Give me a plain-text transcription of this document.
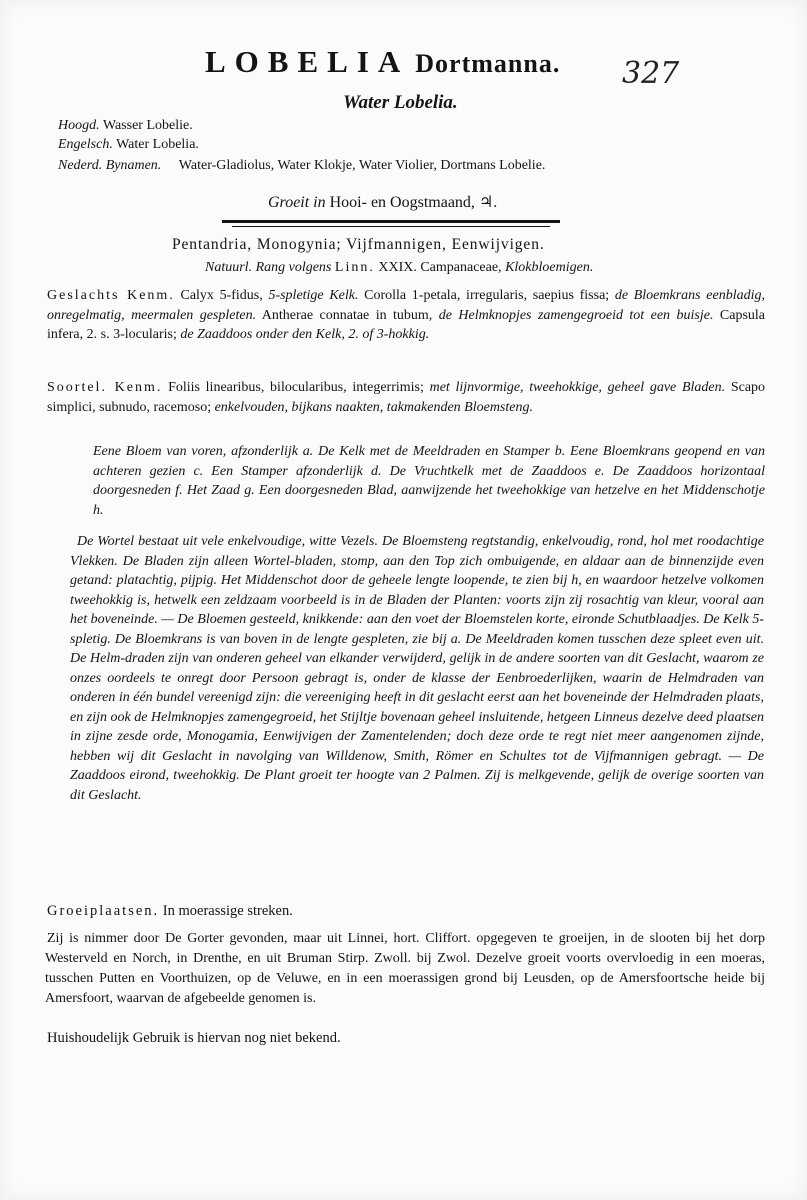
LOBELIA Dortmanna. 327
Water Lobelia.
Hoogd. Wasser Lobelie.
Engelsch. Water Lobelia.
Nederd. Bynamen. Water-Gladiolus, Water Klokje, Water Violier, Dortmans Lobelie.
Groeit in Hooi- en Oogstmaand, ♃.
Pentandria, Monogynia; Vijfmannigen, Eenwijvigen.
Natuurl. Rang volgens Linn. XXIX. Campanaceae, Klokbloemigen.
Geslachts Kenm. Calyx 5-fidus, 5-spletige Kelk. Corolla 1-petala, irregularis, saepius fissa; de Bloemkrans eenbladig, onregelmatig, meermalen gespleten. Antherae connatae in tubum, de Helmknopjes zamengegroeid tot een buisje. Capsula infera, 2. s. 3-locularis; de Zaaddoos onder den Kelk, 2. of 3-hokkig.
Soortel. Kenm. Foliis linearibus, bilocularibus, integerrimis; met lijnvormige, tweehokkige, geheel gave Bladen. Scapo simplici, subnudo, racemoso; enkelvouden, bijkans naakten, takmakenden Bloemsteng.
Eene Bloem van voren, afzonderlijk a. De Kelk met de Meeldraden en Stamper b. Eene Bloemkrans geopend en van achteren gezien c. Een Stamper afzonderlijk d. De Vruchtkelk met de Zaaddoos e. De Zaaddoos horizontaal doorgesneden f. Het Zaad g. Een doorgesneden Blad, aanwijzende het tweehokkige van hetzelve en het Middenschotje h.

De Wortel bestaat uit vele enkelvoudige, witte Vezels. De Bloemsteng regtstandig, enkelvoudig, rond, hol met roodachtige Vlekken. De Bladen zijn alleen Wortel-bladen, stomp, aan den Top zich ombuigende, en aldaar aan de binnenzijde even getand: platachtig, pijpig. Het Middenschot door de geheele lengte loopende, te zien bij h, en waardoor hetzelve volkomen tweehokkig is, hetwelk een zeldzaam voorbeeld is in de Bladen der Planten: voorts zijn zij rosachtig van kleur, vooral aan het boveneinde. — De Bloemen gesteeld, knikkende: aan den voet der Bloemstelen korte, eironde Schutblaadjes. De Kelk 5-spletig. De Bloemkrans is van boven in de lengte gespleten, zie bij a. De Meeldraden komen tusschen deze spleet even uit. De Helm-draden zijn van onderen geheel van elkander verwijderd, gelijk in de andere soorten van dit Geslacht, waarom ze onzes oordeels te onregt door Persoon gebragt is, onder de klasse der Eenbroederlijken, waarin de Helmdraden van onderen in één bundel vereenigd zijn: die vereeniging heeft in dit geslacht eerst aan het boveneinde der Helmdraden plaats, en zijn ook de Helmknopjes zamengegroeid, het Stijltje bovenaan geheel insluitende, hetgeen Linneus dezelve deed plaatsen in zijne zesde orde, Monogamia, Eenwijvigen der Zamentelenden; doch deze orde te regt niet meer aangenomen zijnde, hebben wij dit Geslacht in navolging van Willdenow, Smith, Römer en Schultes tot de Vijfmannigen gebragt. — De Zaaddoos eirond, tweehokkig. De Plant groeit ter hoogte van 2 Palmen. Zij is melkgevende, gelijk de overige soorten van dit Geslacht.

Groeiplaatsen. In moerassige streken.
Zij is nimmer door De Gorter gevonden, maar uit Linnei, hort. Cliffort. opgegeven te groeijen, in de slooten bij het dorp Westerveld en Norch, in Drenthe, en uit Bruman Stirp. Zwoll. bij Zwol. Dezelve groeit voorts overvloedig in een moeras, tusschen Putten en Voorthuizen, op de Veluwe, en in een moerassigen grond bij Leusden, op de Amersfoortsche heide bij Amersfoort, waarvan de afgebeelde genomen is.
Huishoudelijk Gebruik is hiervan nog niet bekend.
